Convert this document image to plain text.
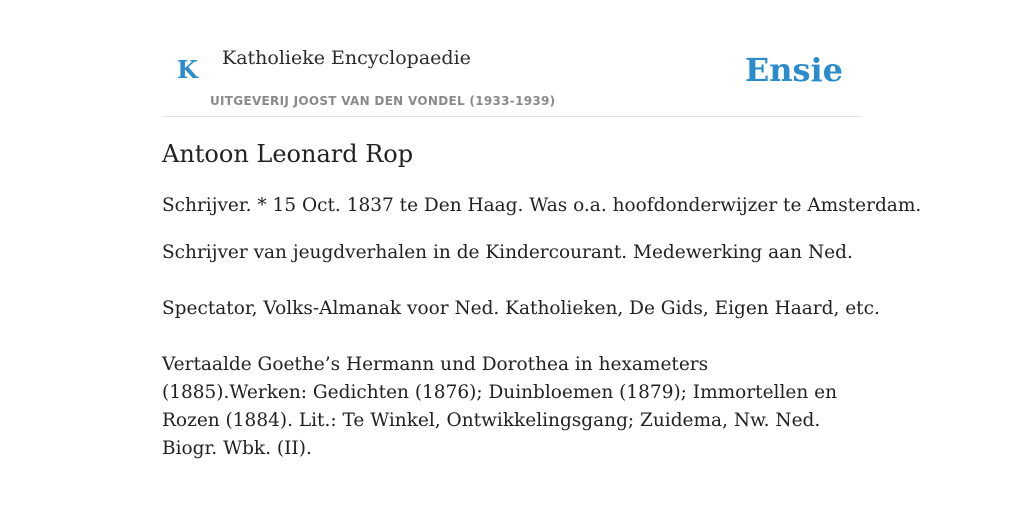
K Katholieke Encyclopaedie
UITGEVERIJ JOOST VAN DEN VONDEL (1933-1939)
Ensie
Antoon Leonard Rop

Schrijver. * 15 Oct. 1837 te Den Haag. Was o.a. hoofdonderwijzer te Amsterdam.

Schrijver van jeugdverhalen in de Kindercourant. Medewerking aan Ned.

Spectator, Volks-Almanak voor Ned. Katholieken, De Gids, Eigen Haard, etc.

Vertaalde Goethe’s Hermann und Dorothea in hexameters (1885).Werken: Gedichten (1876); Duinbloemen (1879); Immortellen en Rozen (1884). Lit.: Te Winkel, Ontwikkelingsgang; Zuidema, Nw. Ned. Biogr. Wbk. (II).
